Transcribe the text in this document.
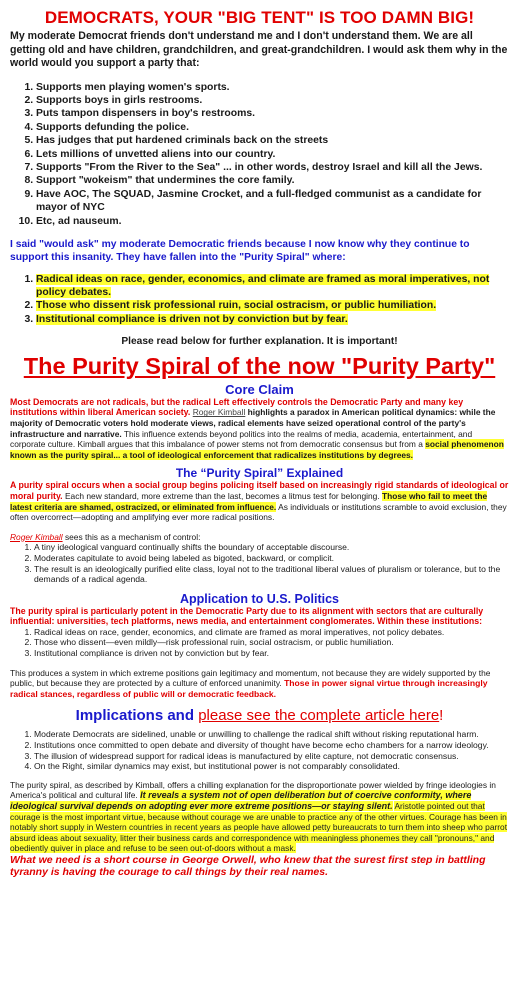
DEMOCRATS, YOUR "BIG TENT" IS TOO DAMN BIG!

My moderate Democrat friends don't understand me and I don't understand them. We are all getting old and have children, grandchildren, and great-grandchildren. I would ask them why in the world would you support a party that:

1. Supports men playing women's sports.
2. Supports boys in girls restrooms.
3. Puts tampon dispensers in boy's restrooms.
4. Supports defunding the police.
5. Has judges that put hardened criminals back on the streets
6. Lets millions of unvetted aliens into our country.
7. Supports "From the River to the Sea" ... in other words, destroy Israel and kill all the Jews.
8. Support "wokeism" that undermines the core family.
9. Have AOC, The SQUAD, Jasmine Crocket, and a full-fledged communist as a candidate for mayor of NYC
10. Etc, ad nauseum.

I said "would ask" my moderate Democratic friends because I now know why they continue to support this insanity. They have fallen into the "Purity Spiral" where:

1. Radical ideas on race, gender, economics, and climate are framed as moral imperatives, not policy debates.
2. Those who dissent risk professional ruin, social ostracism, or public humiliation.
3. Institutional compliance is driven not by conviction but by fear.

Please read below for further explanation. It is important!

The Purity Spiral of the now "Purity Party"
Core Claim

Most Democrats are not radicals, but the radical Left effectively controls the Democratic Party and many key institutions within liberal American society. Roger Kimball highlights a paradox in American political dynamics: while the majority of Democratic voters hold moderate views, radical elements have seized operational control of the party's infrastructure and narrative. This influence extends beyond politics into the realms of media, academia, entertainment, and corporate culture. Kimball argues that this imbalance of power stems not from democratic consensus but from a social phenomenon known as the purity spiral... a tool of ideological enforcement that radicalizes institutions by degrees.

The “Purity Spiral” Explained

A purity spiral occurs when a social group begins policing itself based on increasingly rigid standards of ideological or moral purity. Each new standard, more extreme than the last, becomes a litmus test for belonging. Those who fail to meet the latest criteria are shamed, ostracized, or eliminated from influence. As individuals or institutions scramble to avoid exclusion, they often overcorrect—adopting and amplifying ever more radical positions.

Roger Kimball sees this as a mechanism of control:

1. A tiny ideological vanguard continually shifts the boundary of acceptable discourse.
2. Moderates capitulate to avoid being labeled as bigoted, backward, or complicit.
3. The result is an ideologically purified elite class, loyal not to the traditional liberal values of pluralism or tolerance, but to the demands of a radical agenda.
Application to U.S. Politics

The purity spiral is particularly potent in the Democratic Party due to its alignment with sectors that are culturally influential: universities, tech platforms, news media, and entertainment conglomerates. Within these institutions:

1. Radical ideas on race, gender, economics, and climate are framed as moral imperatives, not policy debates.
2. Those who dissent—even mildly—risk professional ruin, social ostracism, or public humiliation.
3. Institutional compliance is driven not by conviction but by fear.

This produces a system in which extreme positions gain legitimacy and momentum, not because they are widely supported by the public, but because they are protected by a culture of enforced unanimity. Those in power signal virtue through increasingly radical stances, regardless of public will or democratic feedback.

Implications and please see the complete article here!
1. Moderate Democrats are sidelined, unable or unwilling to challenge the radical shift without risking reputational harm.
2. Institutions once committed to open debate and diversity of thought have become echo chambers for a narrow ideology.
3. The illusion of widespread support for radical ideas is manufactured by elite capture, not democratic consensus.
4. On the Right, similar dynamics may exist, but institutional power is not comparably consolidated.

The purity spiral, as described by Kimball, offers a chilling explanation for the disproportionate power wielded by fringe ideologies in America's political and cultural life. It reveals a system not of open deliberation but of coercive conformity, where ideological survival depends on adopting ever more extreme positions—or staying silent. Aristotle pointed out that courage is the most important virtue, because without courage we are unable to practice any of the other virtues. Courage has been in notably short supply in Western countries in recent years as people have allowed petty bureaucrats to turn them into sheep who parrot absurd ideas about sexuality, litter their business cards and correspondence with meaningless phonemes they call "pronouns," and obediently quiver in place and refuse to be seen out-of-doors without a mask.

What we need is a short course in George Orwell, who knew that the surest first step in battling tyranny is having the courage to call things by their real names.
